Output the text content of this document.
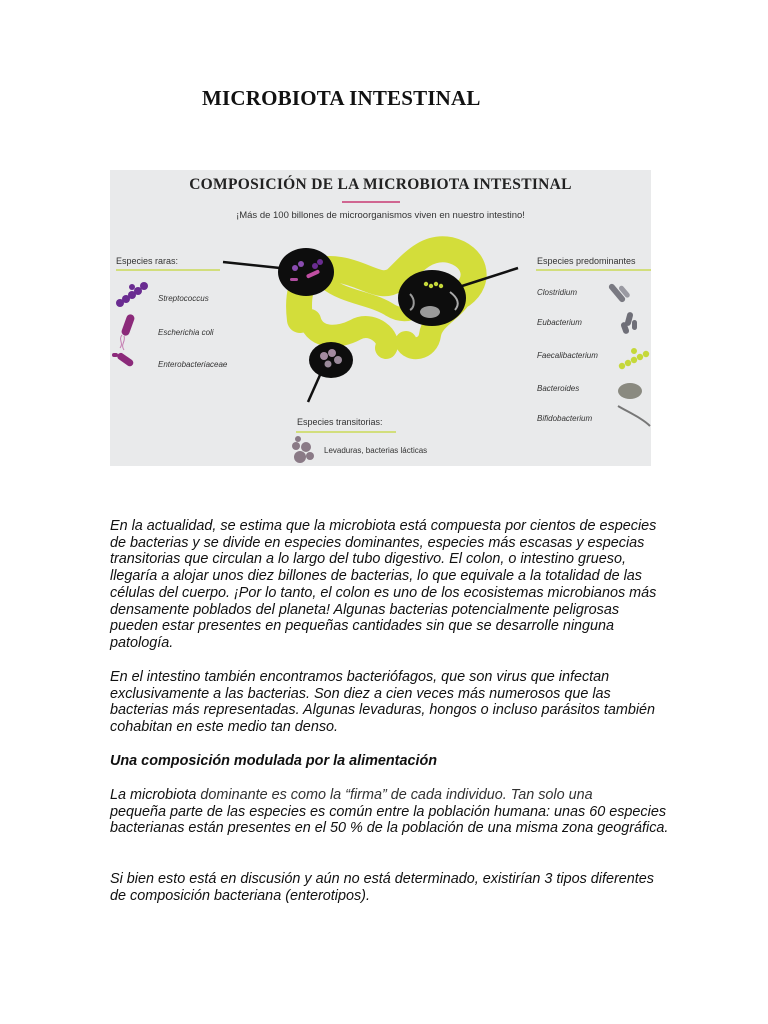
MICROBIOTA INTESTINAL
COMPOSICIÓN DE LA MICROBIOTA INTESTINAL
¡Más de 100 billones de microorganismos viven en nuestro intestino!
Especies raras:
Streptococcus
Escherichia coli
Enterobacteriaceae
Especies predominantes
Clostridium
Eubacterium
Faecalibacterium
Bacteroides
Bifidobacterium
Especies transitorias:
Levaduras, bacterias lácticas

En la actualidad, se estima que la microbiota está compuesta por cientos de especies de bacterias y se divide en especies dominantes, especies más escasas y especias transitorias que circulan a lo largo del tubo digestivo. El colon, o intestino grueso, llegaría a alojar unos diez billones de bacterias, lo que equivale a la totalidad de las células del cuerpo. ¡Por lo tanto, el colon es uno de los ecosistemas microbianos más densamente poblados del planeta! Algunas bacterias potencialmente peligrosas pueden estar presentes en pequeñas cantidades sin que se desarrolle ninguna patología.

En el intestino también encontramos bacteriófagos, que son virus que infectan exclusivamente a las bacterias. Son diez a cien veces más numerosos que las bacterias más representadas. Algunas levaduras, hongos o incluso parásitos también cohabitan en este medio tan denso.

Una composición modulada por la alimentación

La microbiota dominante es como la “firma” de cada individuo. Tan solo una
pequeña parte de las especies es común entre la población humana: unas 60 especies bacterianas están presentes en el 50 % de la población de una misma zona geográfica.

Si bien esto está en discusión y aún no está determinado, existirían 3 tipos diferentes de composición bacteriana (enterotipos).
